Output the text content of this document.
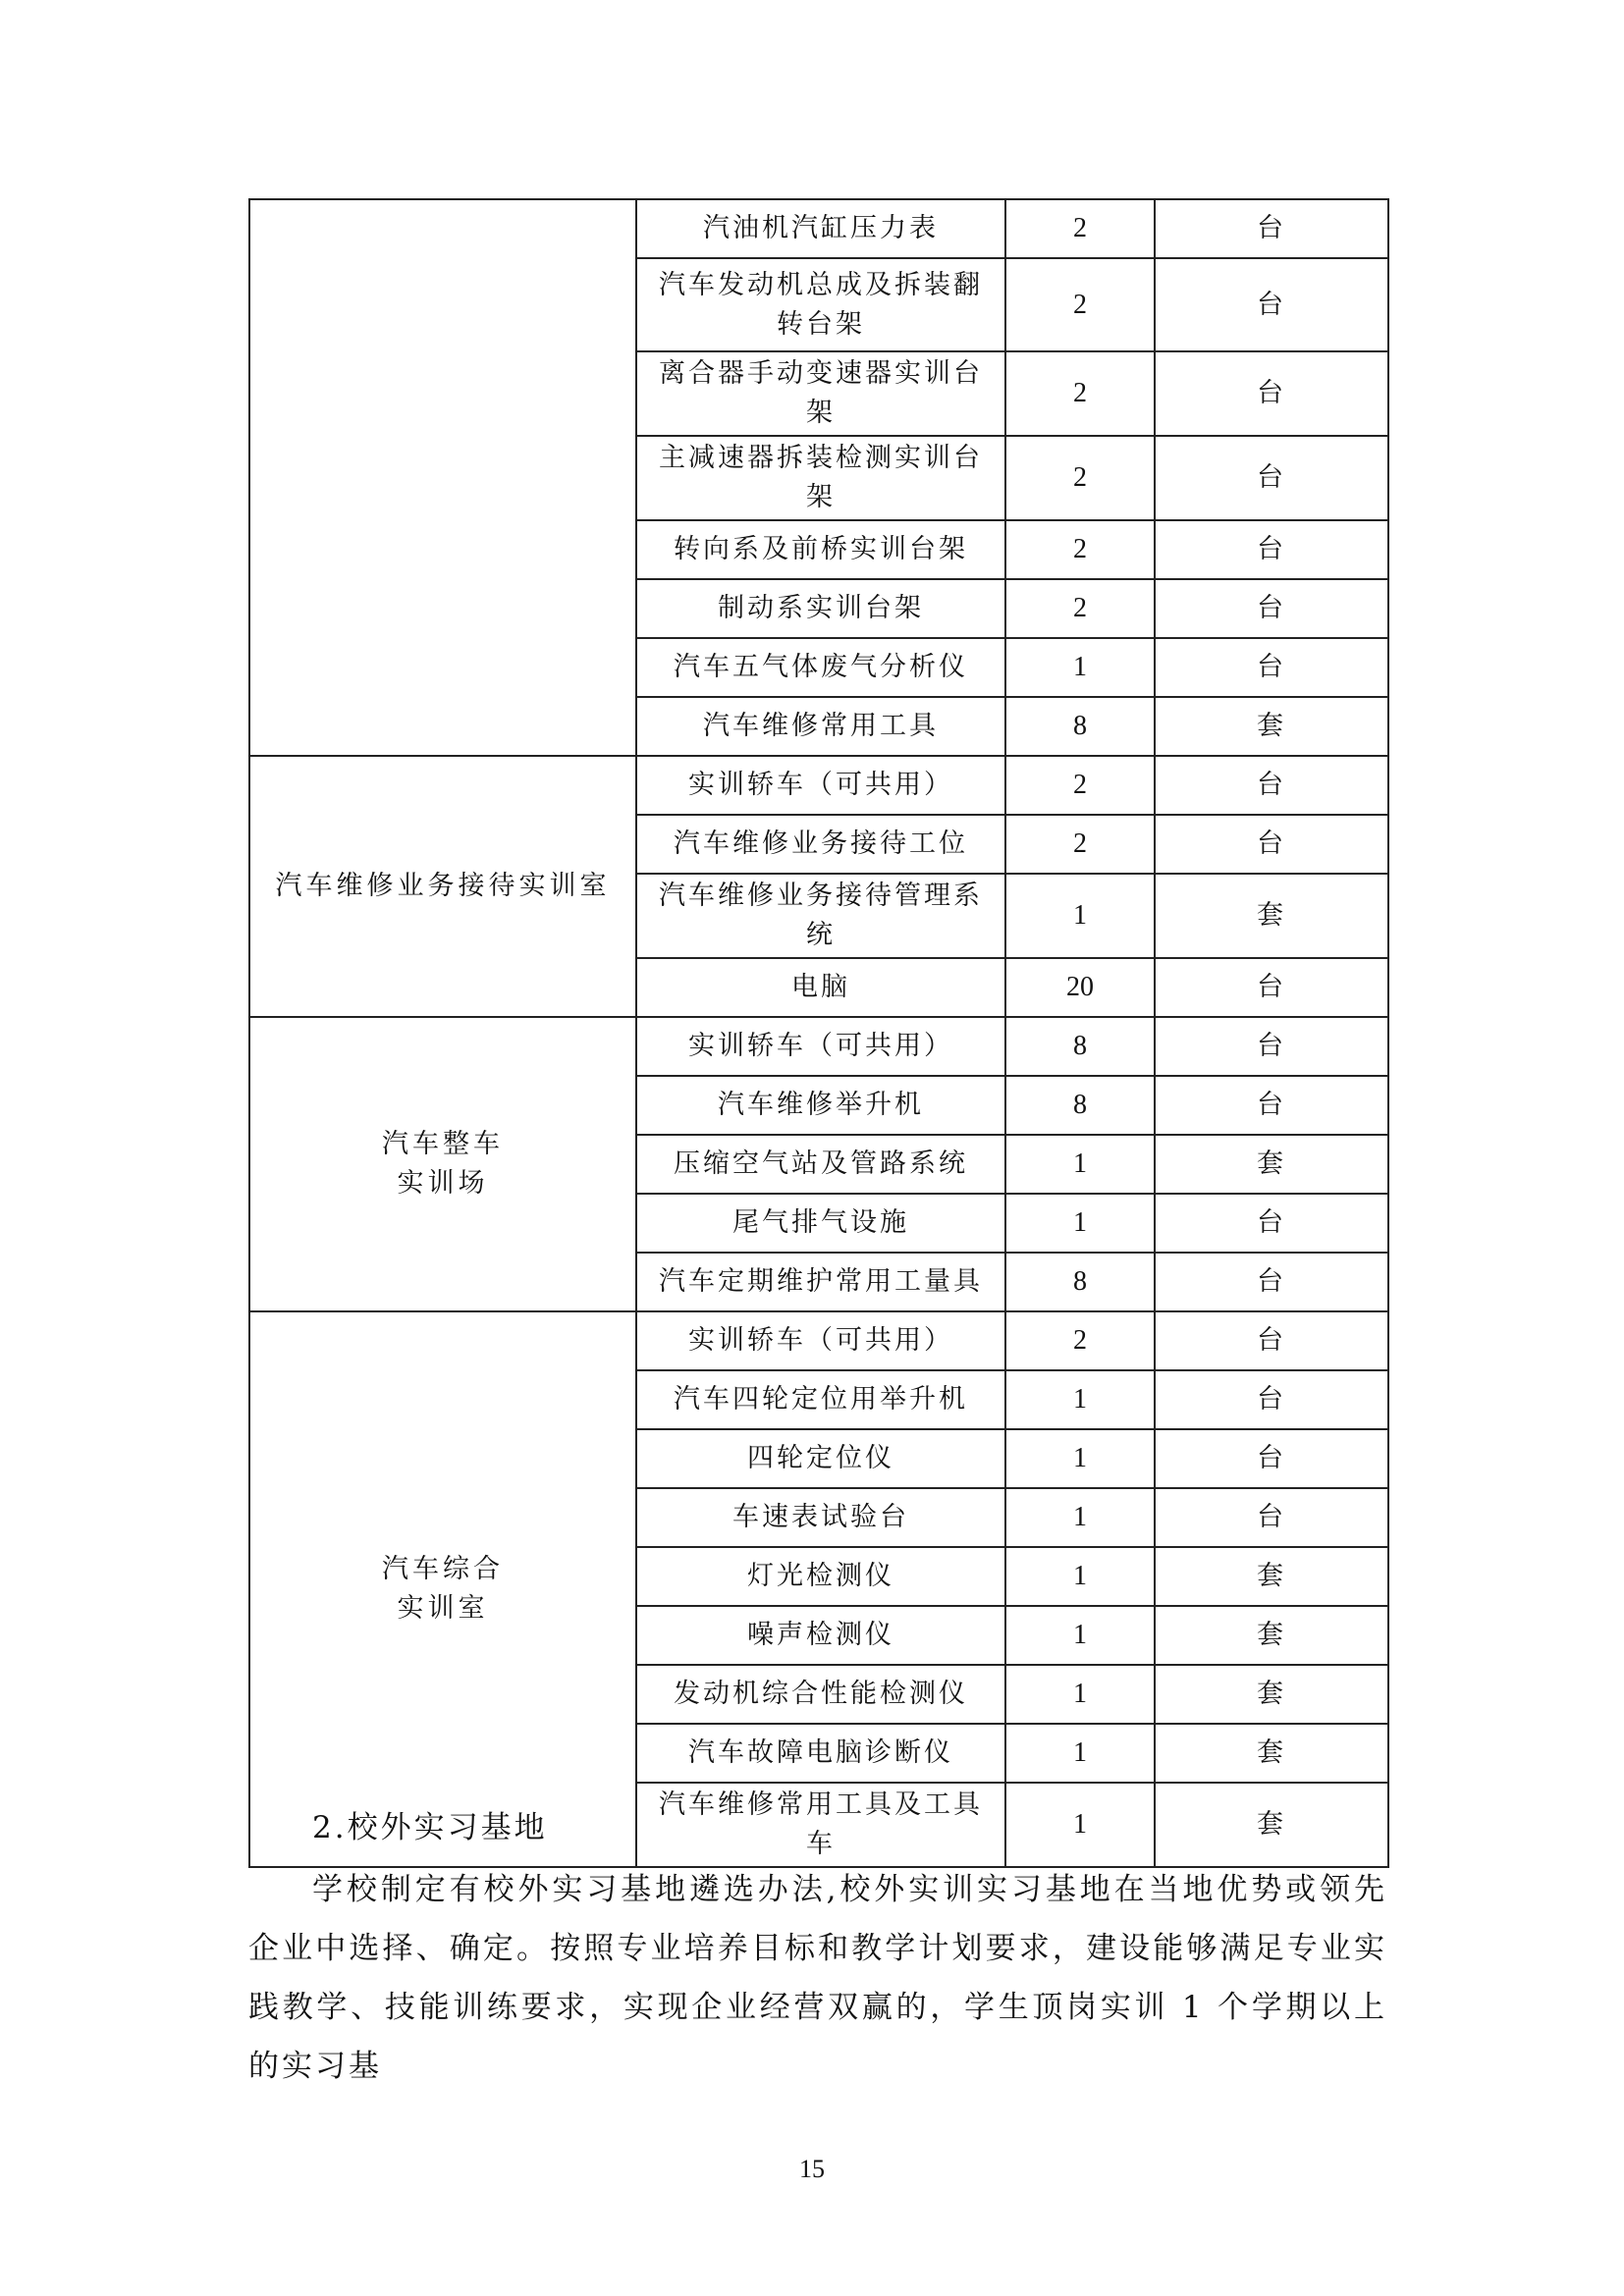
	汽油机汽缸压力表	2	台
	汽车发动机总成及拆装翻转台架	2	台
	离合器手动变速器实训台架	2	台
	主减速器拆装检测实训台架	2	台
	转向系及前桥实训台架	2	台
	制动系实训台架	2	台
	汽车五气体废气分析仪	1	台
	汽车维修常用工具	8	套
汽车维修业务接待实训室	实训轿车（可共用）	2	台
	汽车维修业务接待工位	2	台
	汽车维修业务接待管理系统	1	套
	电脑	20	台
汽车整车
实训场	实训轿车（可共用）	8	台
	汽车维修举升机	8	台
	压缩空气站及管路系统	1	套
	尾气排气设施	1	台
	汽车定期维护常用工量具	8	台
汽车综合
实训室	实训轿车（可共用）	2	台
	汽车四轮定位用举升机	1	台
	四轮定位仪	1	台
	车速表试验台	1	台
	灯光检测仪	1	套
	噪声检测仪	1	套
	发动机综合性能检测仪	1	套
	汽车故障电脑诊断仪	1	套
	汽车维修常用工具及工具车	1	套

2.校外实习基地

学校制定有校外实习基地遴选办法,校外实训实习基地在当地优势或领先企业中选择、确定。按照专业培养目标和教学计划要求，建设能够满足专业实践教学、技能训练要求，实现企业经营双赢的，学生顶岗实训 1 个学期以上的实习基

15
